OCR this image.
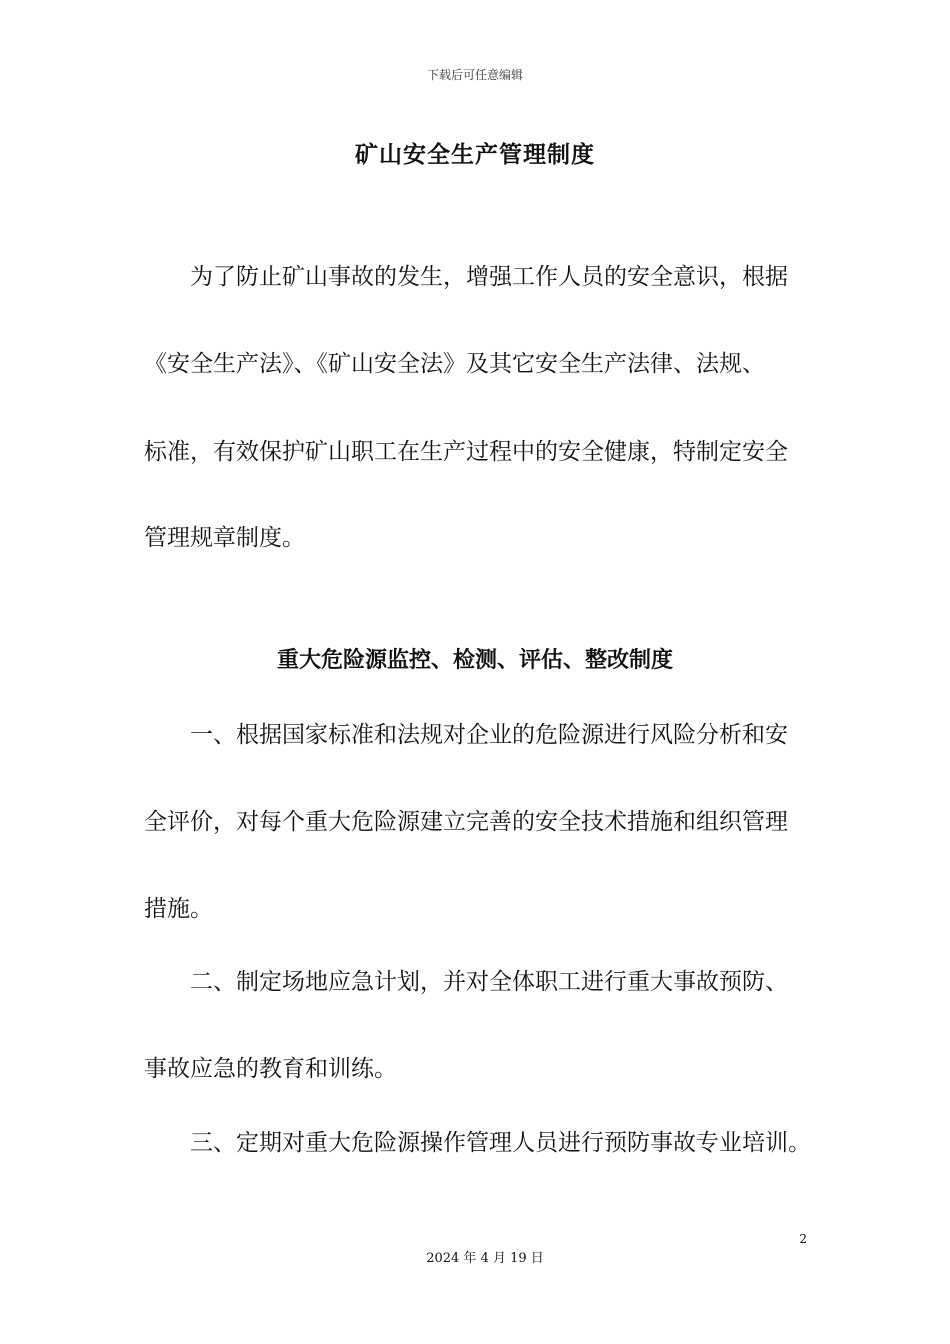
下载后可任意编辑
矿山安全生产管理制度
为了防止矿山事故的发生，增强工作人员的安全意识，根据
《安全生产法》、《矿山安全法》及其它安全生产法律、法规、
标准，有效保护矿山职工在生产过程中的安全健康，特制定安全
管理规章制度。
重大危险源监控、检测、评估、整改制度
一、根据国家标准和法规对企业的危险源进行风险分析和安
全评价，对每个重大危险源建立完善的安全技术措施和组织管理
措施。
二、制定场地应急计划，并对全体职工进行重大事故预防、
事故应急的教育和训练。
三、定期对重大危险源操作管理人员进行预防事故专业培训。
2
2024 年 4 月 19 日
